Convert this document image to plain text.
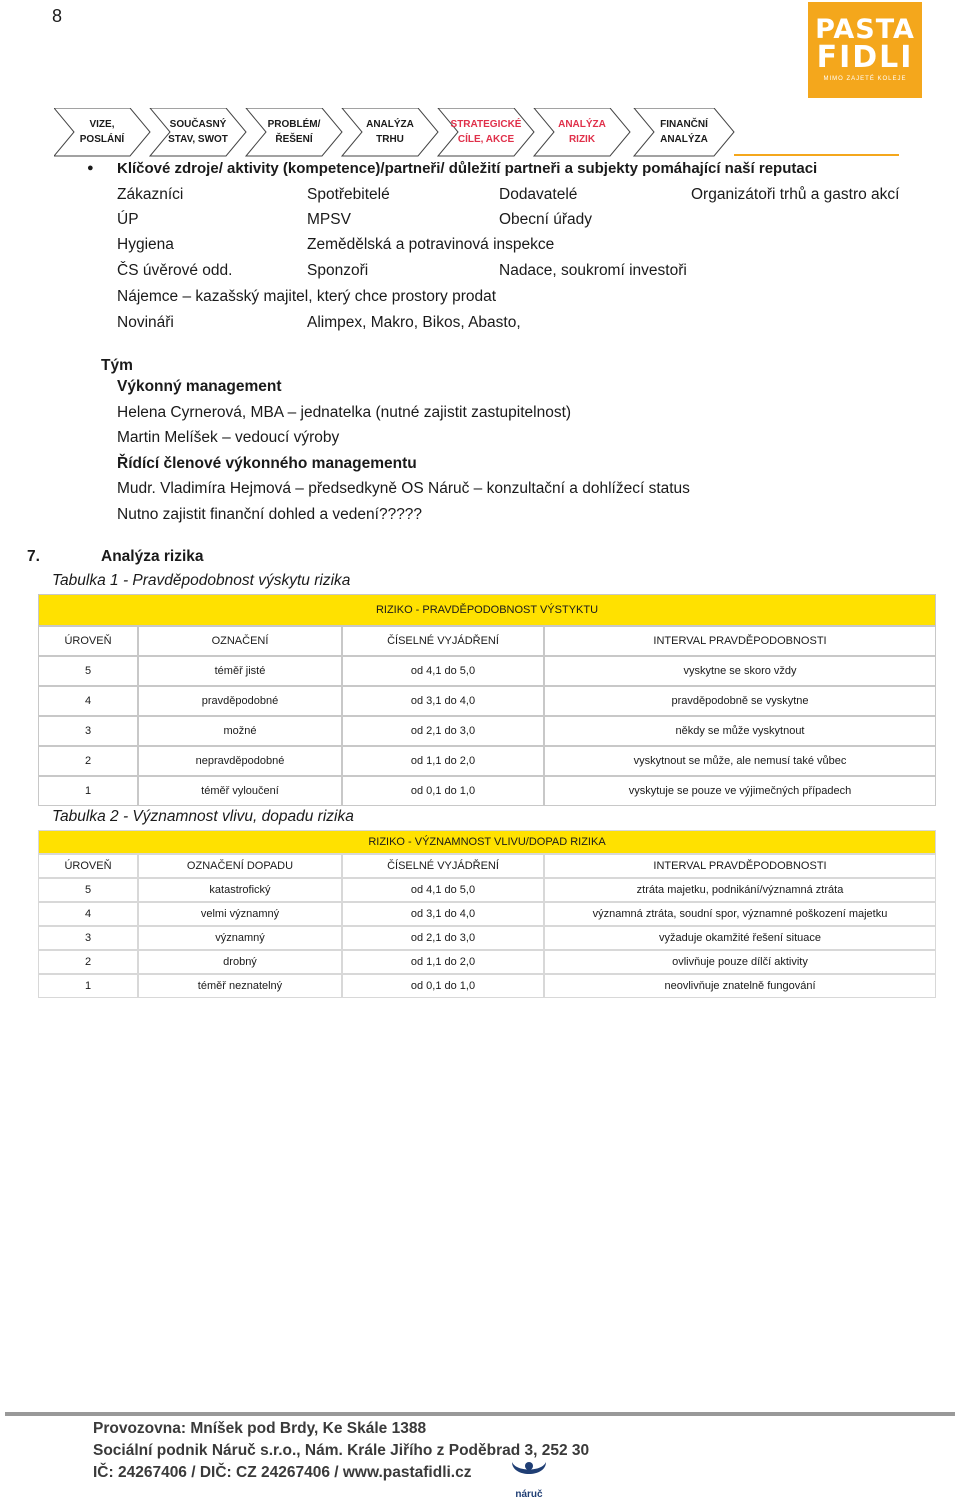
8	PASTA
FIDLI
MIMO ZAJETÉ KOLEJE
VIZE,
POSLÁNÍ
SOUČASNÝ
STAV, SWOT
PROBLÉM/
ŘEŠENÍ
ANALÝZA
TRHU
STRATEGICKÉ
CÍLE, AKCE
ANALÝZA
RIZIK
FINANČNÍ
ANALÝZA
● Klíčové zdroje/ aktivity (kompetence)/partneři/ důležití partneři a subjekty pomáhající naší reputaci
Zákazníci	Spotřebitelé	Dodavatelé	Organizátoři trhů a gastro akcí
ÚP	MPSV	Obecní úřady
Hygiena	Zemědělská a potravinová inspekce
ČS úvěrové odd.	Sponzoři	Nadace, soukromí investoři
Nájemce – kazašský majitel, který chce prostory prodat
Novináři	Alimpex, Makro, Bikos, Abasto,
Tým
Výkonný management
Helena Cyrnerová, MBA – jednatelka (nutné zajistit zastupitelnost)
Martin Melíšek – vedoucí výroby
Řídící členové výkonného managementu
Mudr. Vladimíra Hejmová – předsedkyně OS Náruč – konzultační a dohlížecí status
Nutno zajistit finanční dohled a vedení?????
7.	Analýza rizika
Tabulka 1 - Pravděpodobnost výskytu rizika
RIZIKO - PRAVDĚPODOBNOST VÝSTYKTU			
ÚROVEŇ	OZNAČENÍ	ČÍSELNÉ VYJÁDŘENÍ	INTERVAL PRAVDĚPODOBNOSTI
5	téměř jisté	od 4,1 do 5,0	vyskytne se skoro vždy
4	pravděpodobné	od 3,1 do 4,0	pravděpodobně se vyskytne
3	možné	od 2,1 do 3,0	někdy se může vyskytnout
2	nepravděpodobné	od 1,1 do 2,0	vyskytnout se může, ale nemusí také vůbec
1	téměř vyloučení	od 0,1 do 1,0	vyskytuje se pouze ve výjimečných případech
Tabulka 2 - Významnost vlivu, dopadu rizika
RIZIKO - VÝZNAMNOST VLIVU/DOPAD RIZIKA			
ÚROVEŇ	OZNAČENÍ DOPADU	ČÍSELNÉ VYJÁDŘENÍ	INTERVAL PRAVDĚPODOBNOSTI
5	katastrofický	od 4,1 do 5,0	ztráta majetku, podnikání/významná ztráta
4	velmi významný	od 3,1 do 4,0	významná ztráta, soudní spor, významné poškození majetku
3	významný	od 2,1 do 3,0	vyžaduje okamžité řešení situace
2	drobný	od 1,1 do 2,0	ovlivňuje pouze dílčí aktivity
1	téměř neznatelný	od 0,1 do 1,0	neovlivňuje znatelně fungování
Provozovna: Mníšek pod Brdy, Ke Skále 1388
Sociální podnik Náruč s.r.o., Nám. Krále Jiřího z Poděbrad 3, 252 30
IČ: 24267406 / DIČ: CZ 24267406 / www.pastafidli.cz
náruč
